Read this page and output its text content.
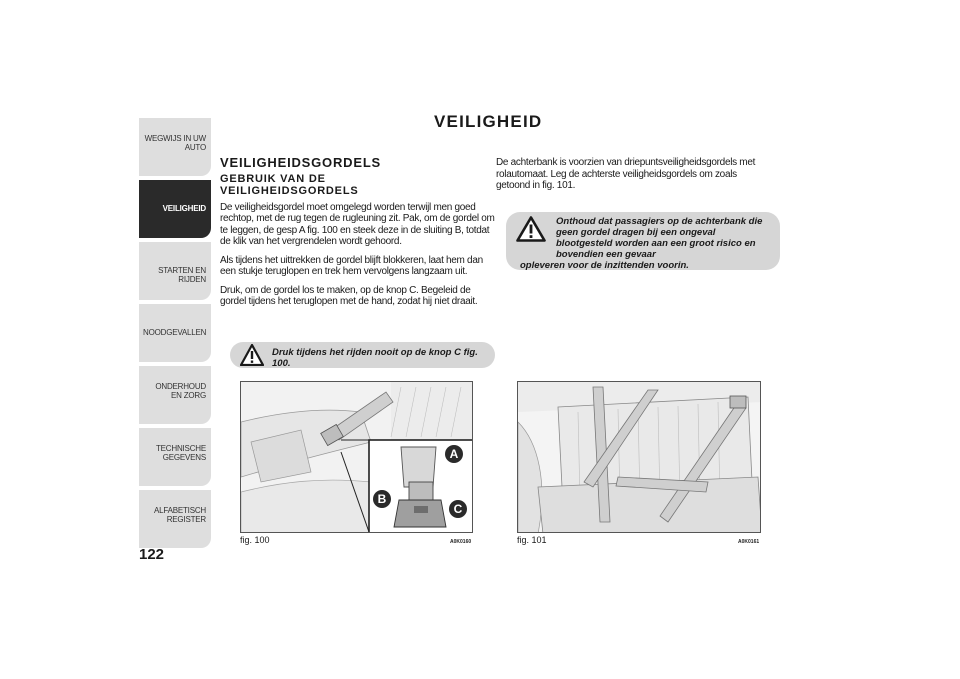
WEGWIJS IN UW AUTO
VEILIGHEID
STARTEN EN RIJDEN
NOODGEVALLEN
ONDERHOUD EN ZORG
TECHNISCHE GEGEVENS
ALFABETISCH REGISTER
122
VEILIGHEID
VEILIGHEIDSGORDELS
GEBRUIK VAN DE VEILIGHEIDSGORDELS

De veiligheidsgordel moet omgelegd worden terwijl men goed rechtop, met de rug tegen de rugleuning zit. Pak, om de gordel om te leggen, de gesp A fig. 100 en steek deze in de sluiting B, totdat de klik van het vergrendelen wordt gehoord.

Als tijdens het uittrekken de gordel blijft blokkeren, laat hem dan een stukje teruglopen en trek hem vervolgens langzaam uit.

Druk, om de gordel los te maken, op de knop C. Begeleid de gordel tijdens het teruglopen met de hand, zodat hij niet draait.

Druk tijdens het rijden nooit op de knop C fig. 100.

De achterbank is voorzien van driepuntsveiligheidsgordels met rolautomaat. Leg de achterste veiligheidsgordels om zoals getoond in fig. 101.

Onthoud dat passagiers op de achterbank die geen gordel dragen bij een ongeval blootgesteld worden aan een groot risico en bovendien een gevaar
opleveren voor de inzittenden voorin.
A
B
C
fig. 100	A0K0160	fig. 101	A0K0161
